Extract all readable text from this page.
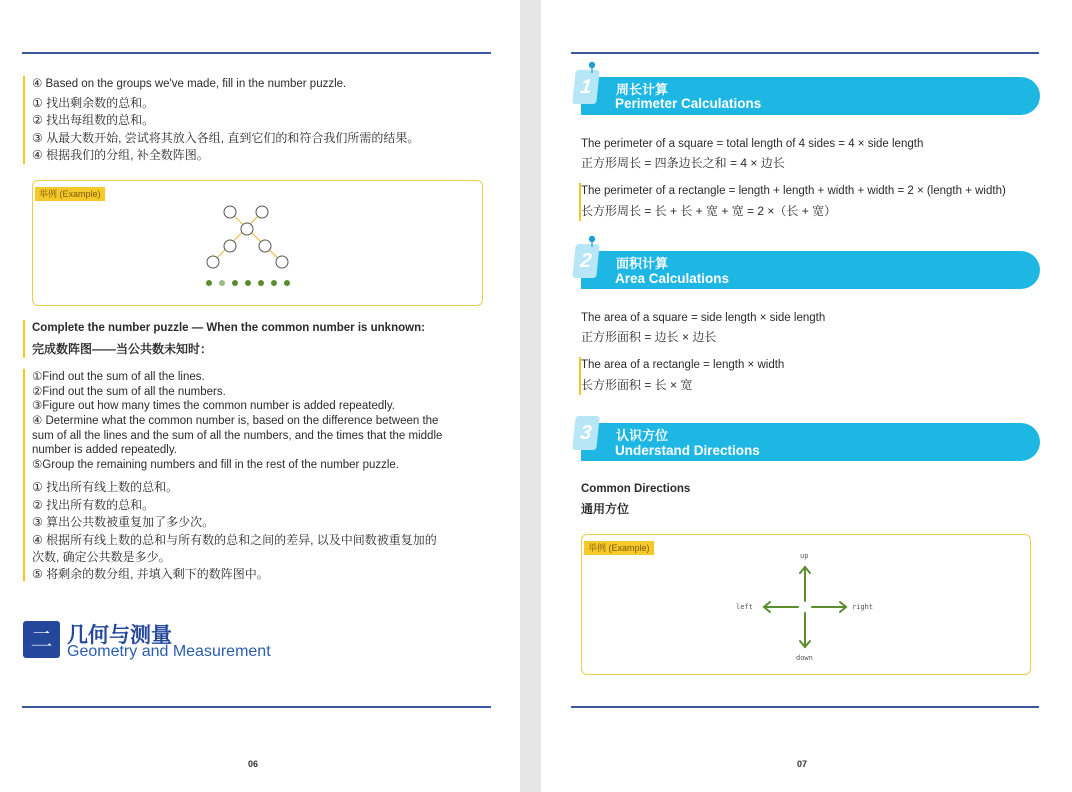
④ Based on the groups we've made, fill in the number puzzle.
① 找出剩余数的总和。
② 找出每组数的总和。
③ 从最大数开始, 尝试将其放入各组, 直到它们的和符合我们所需的结果。
④ 根据我们的分组, 补全数阵图。
举例 (Example)
Complete the number puzzle — When the common number is unknown:
完成数阵图——当公共数未知时：
①Find out the sum of all the lines.
②Find out the sum of all the numbers.
③Figure out how many times the common number is added repeatedly.
④ Determine what the common number is, based on the difference between the
sum of all the lines and the sum of all the numbers, and the times that the middle
number is added repeatedly.
⑤Group the remaining numbers and fill in the rest of the number puzzle.
① 找出所有线上数的总和。
② 找出所有数的总和。
③ 算出公共数被重复加了多少次。
④ 根据所有线上数的总和与所有数的总和之间的差异, 以及中间数被重复加的
次数, 确定公共数是多少。
⑤ 将剩余的数分组, 并填入剩下的数阵图中。
二 几何与测量
Geometry and Measurement
06
1	周长计算
Perimeter Calculations
The perimeter of a square = total length of 4 sides = 4 × side length
正方形周长 = 四条边长之和 = 4 × 边长
The perimeter of a rectangle = length + length + width + width = 2 × (length + width)
长方形周长 = 长 + 长 + 宽 + 宽 = 2 ×（长 + 宽）
2	面积计算
Area Calculations
The area of a square = side length × side length
正方形面积 = 边长 × 边长
The area of a rectangle = length × width
长方形面积 = 长 × 宽
3	认识方位
Understand Directions
Common Directions
通用方位
举例 (Example)
up
down
left	right
07
